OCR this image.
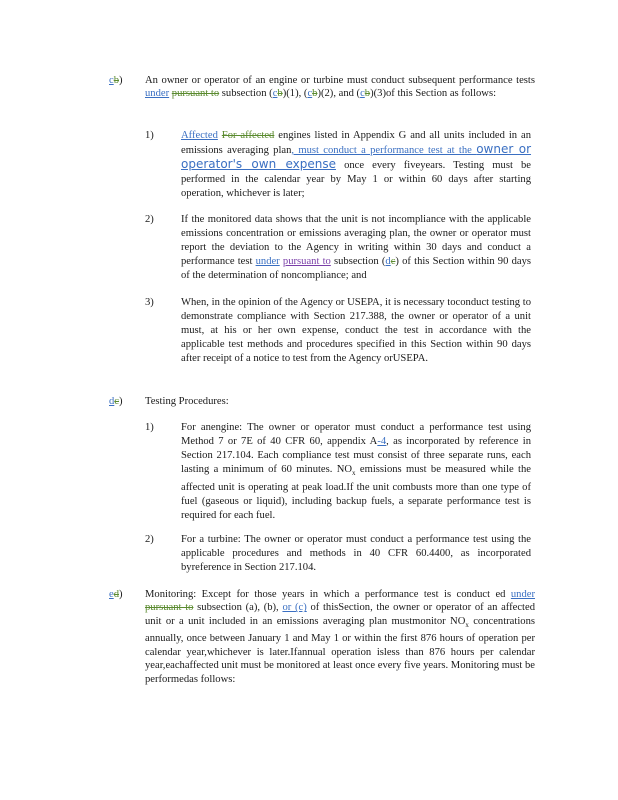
cb)	An owner or operator of an engine or turbine must conduct subsequent performance tests under pursuant to subsection (cb)(1), (cb)(2), and (cb)(3)of this Section as follows:
1)	Affected For affected engines listed in Appendix G and all units included in an emissions averaging plan, must conduct a performance test at the owner or operator's own expense once every fiveyears. Testing must be performed in the calendar year by May 1 or within 60 days after starting operation, whichever is later;
2)	If the monitored data shows that the unit is not incompliance with the applicable emissions concentration or emissions averaging plan, the owner or operator must report the deviation to the Agency in writing within 30 days and conduct a performance test under pursuant to subsection (dc) of this Section within 90 days of the determination of noncompliance; and
3)	When, in the opinion of the Agency or USEPA, it is necessary toconduct testing to demonstrate compliance with Section 217.388, the owner or operator of a unit must, at his or her own expense, conduct the test in accordance with the applicable test methods and procedures specified in this Section within 90 days after receipt of a notice to test from the Agency orUSEPA.
dc)	Testing Procedures:
1)	For anengine: The owner or operator must conduct a performance test using Method 7 or 7E of 40 CFR 60, appendix A-4, as incorporated by reference in Section 217.104. Each compliance test must consist of three separate runs, each lasting a minimum of 60 minutes. $NO_x$ emissions must be measured while the affected unit is operating at peak load.If the unit combusts more than one type of fuel (gaseous or liquid), including backup fuels, a separate performance test is required for each fuel.
2)	For a turbine: The owner or operator must conduct a performance test using the applicable procedures and methods in 40 CFR 60.4400, as incorporated byreference in Section 217.104.
ed)	Monitoring: Except for those years in which a performance test is conduct ed under pursuant to subsection (a), (b), or (c) of thisSection, the owner or operator of an affected unit or a unit included in an emissions averaging plan mustmonitor $NO_x$ concentrations annually, once between January 1 and May 1 or within the first 876 hours of operation per calendar year,whichever is later.Ifannual operation isless than 876 hours per calendar year,eachaffected unit must be monitored at least once every five years. Monitoring must be performedas follows:
